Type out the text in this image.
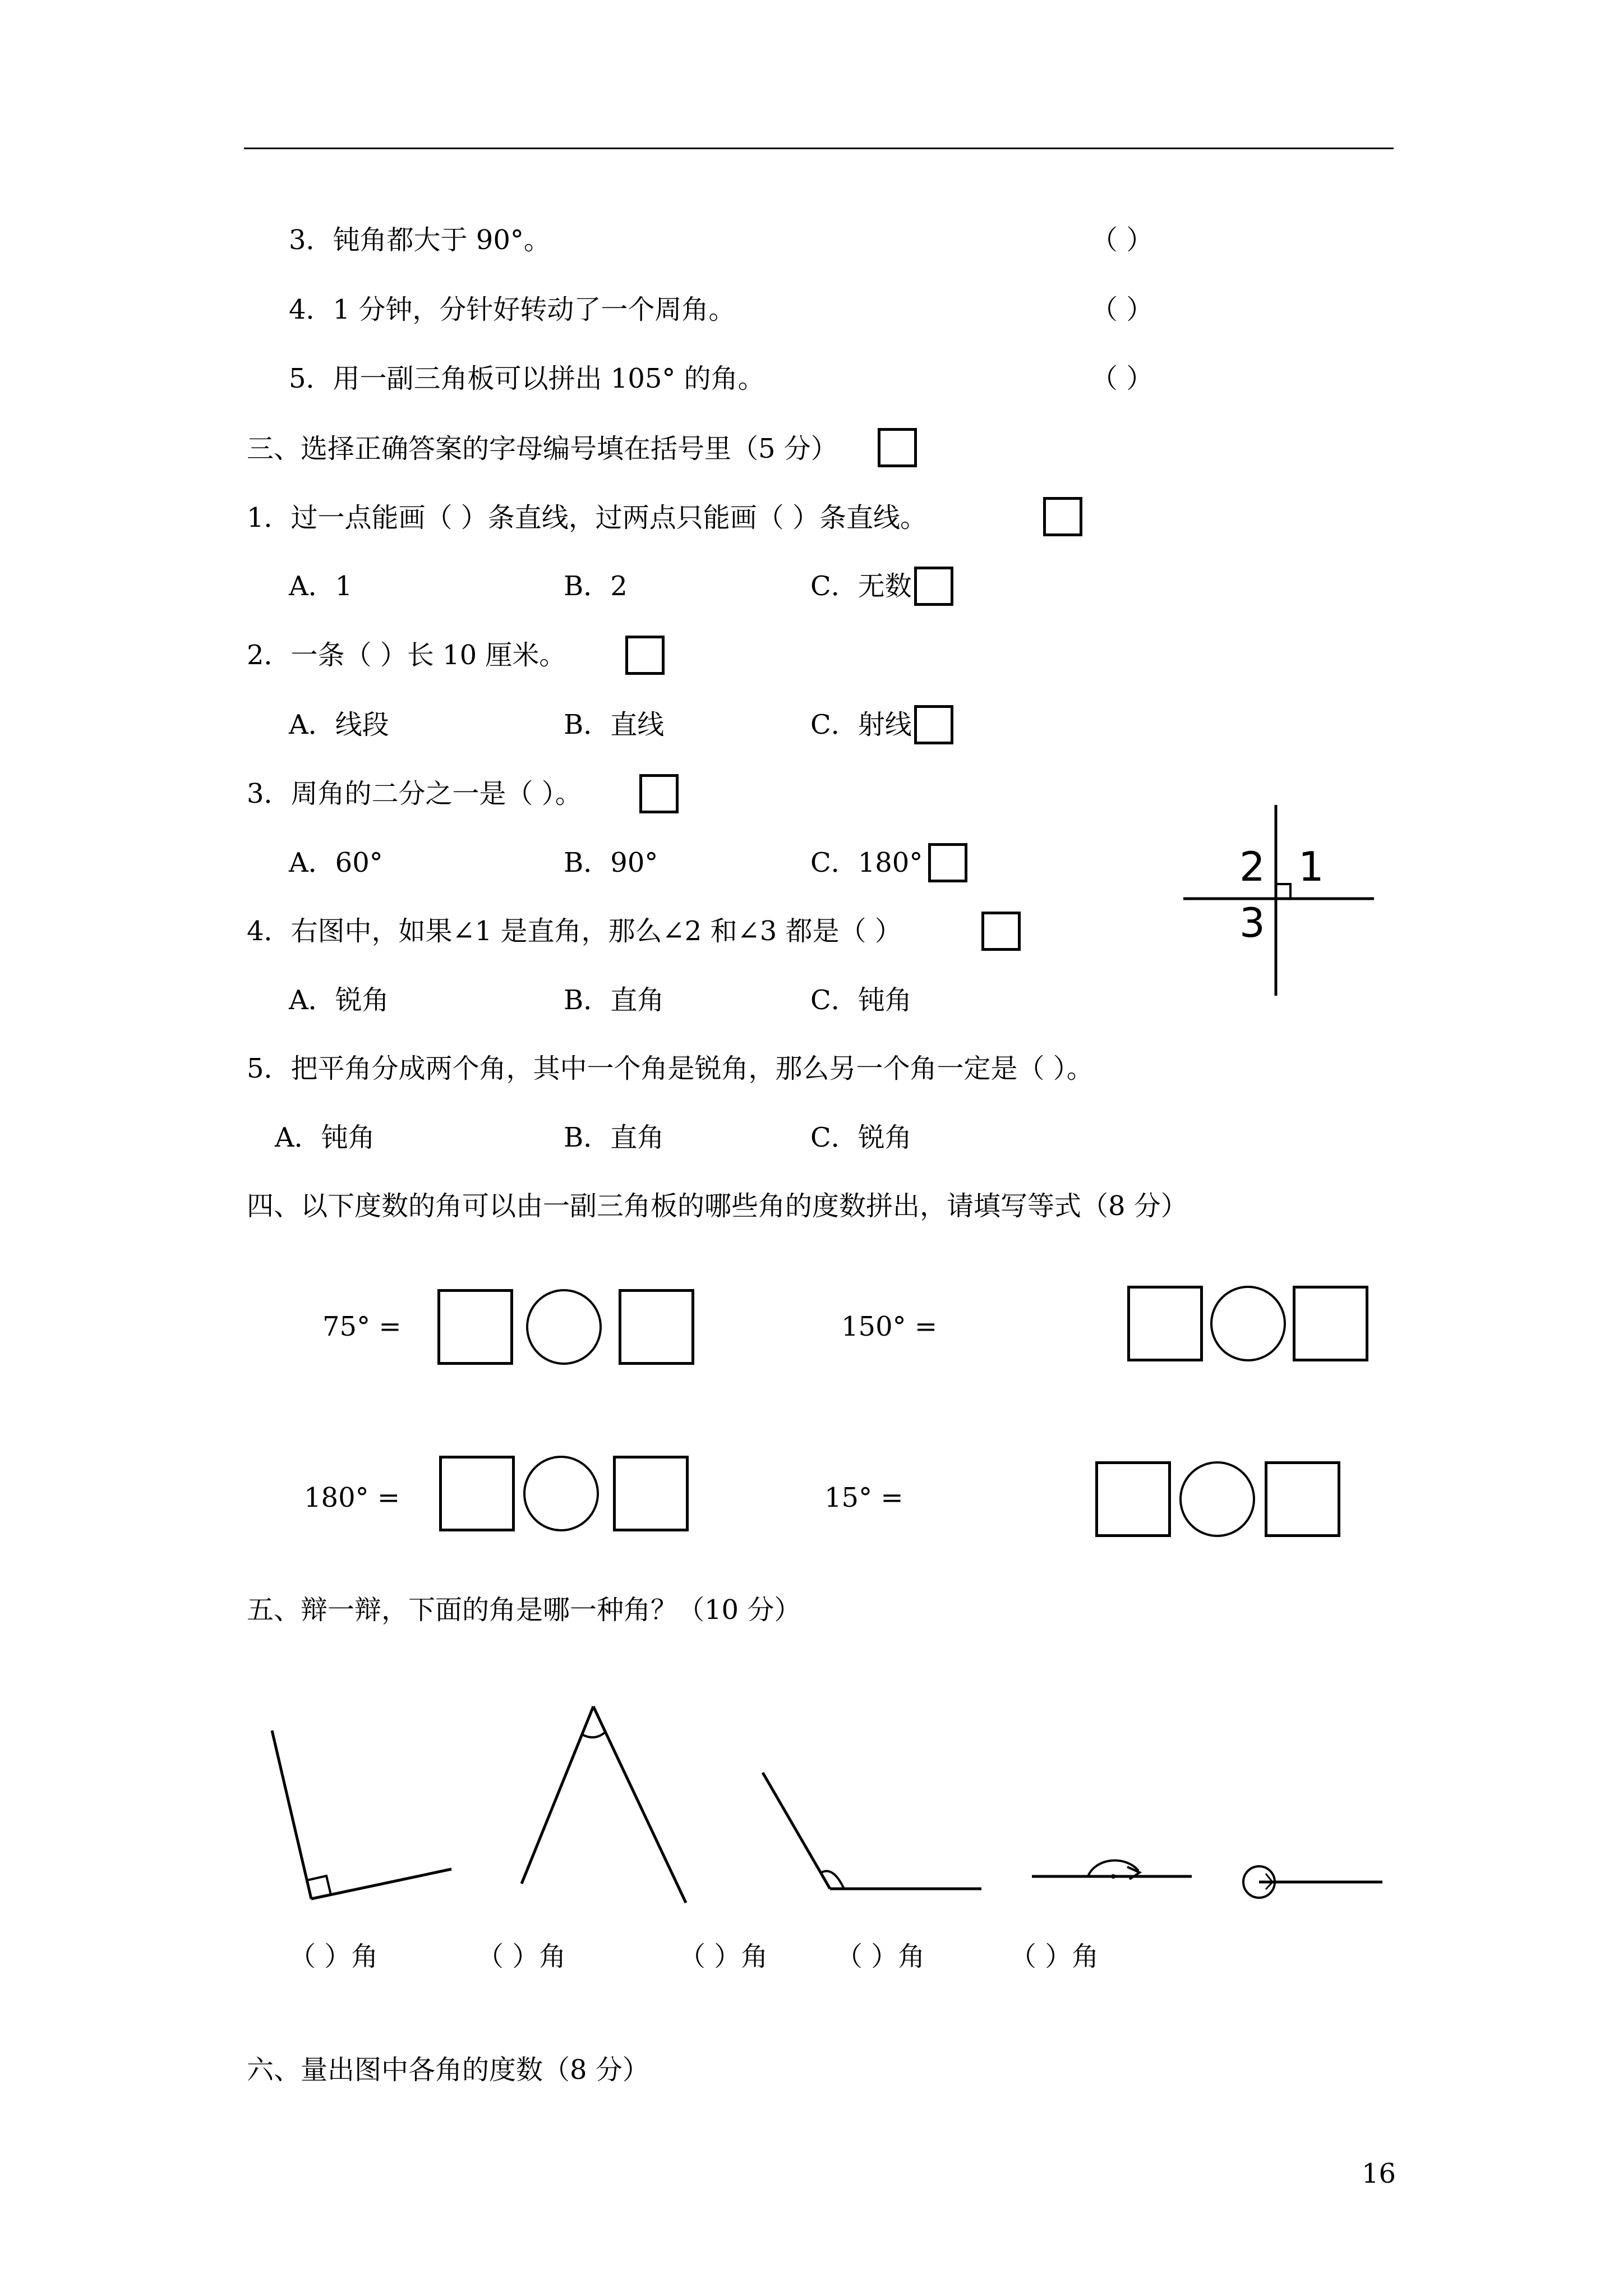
3．钝角都大于 90°。	（ ）
4．1 分钟，分针好转动了一个周角。	（ ）
5．用一副三角板可以拼出 105° 的角。	（ ）
三、选择正确答案的字母编号填在括号里（5 分）
1．过一点能画（ ）条直线，过两点只能画（ ）条直线。
A．1	B．2	C．无数
2．一条（ ）长 10 厘米。
A．线段	B．直线	C．射线
3．周角的二分之一是（ ）。
A．60°	B．90°	C．180°
4．右图中，如果∠1 是直角，那么∠2 和∠3 都是（ ）
A．锐角	B．直角	C．钝角
5．把平角分成两个角，其中一个角是锐角，那么另一个角一定是（ ）。
A．钝角	B．直角	C．锐角
2 1
3
四、以下度数的角可以由一副三角板的哪些角的度数拼出，请填写等式（8 分）
75° =	150° =
180° =	15° =
五、辩一辩，下面的角是哪一种角？（10 分）
（ ）角	（ ）角	（ ）角	（ ）角	（ ）角
六、量出图中各角的度数（8 分）
16
